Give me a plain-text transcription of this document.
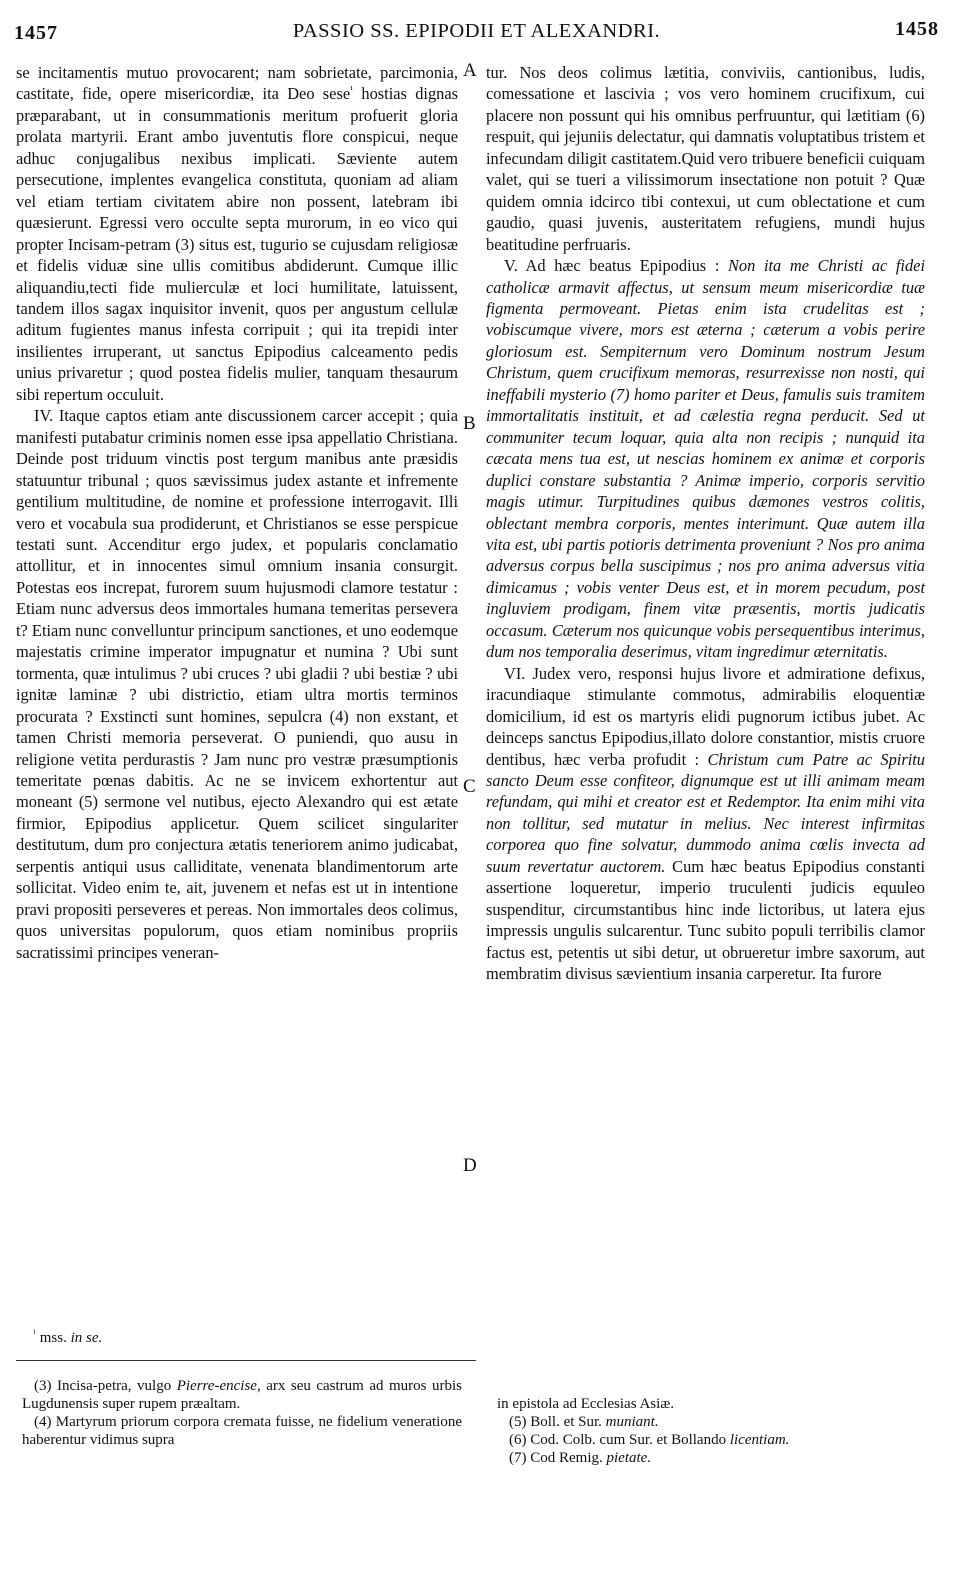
1457	PASSIO SS. EPIPODII ET ALEXANDRI.	1458

se incitamentis mutuo provocarent; nam sobrietate, parcimonia, castitate, fide, opere misericordiæ, ita Deo sese$^{^1}$ hostias dignas præparabant, ut in consummationis meritum profuerit gloria prolata martyrii. Erant ambo juventutis flore conspicui, neque adhuc conjugalibus nexibus implicati. Sæviente autem persecutione, implentes evangelica constituta, quoniam ad aliam vel etiam tertiam civitatem abire non possent, latebram ibi quæsierunt. Egressi vero occulte septa murorum, in eo vico qui propter Incisam-petram (3) situs est, tugurio se cujusdam religiosæ et fidelis viduæ sine ullis comitibus abdiderunt. Cumque illic aliquandiu,tecti fide mulierculæ et loci humilitate, latuissent, tandem illos sagax inquisitor invenit, quos per angustum cellulæ aditum fugientes manus infesta corripuit ; qui ita trepidi inter insilientes irruperant, ut sanctus Epipodius calceamento pedis unius privaretur ; quod postea fidelis mulier, tanquam thesaurum sibi repertum occuluit.

IV. Itaque captos etiam ante discussionem carcer accepit ; quia manifesti putabatur criminis nomen esse ipsa appellatio Christiana. Deinde post triduum vinctis post tergum manibus ante præsidis statuuntur tribunal ; quos sævissimus judex astante et infremente gentilium multitudine, de nomine et professione interrogavit. Illi vero et vocabula sua prodiderunt, et Christianos se esse perspicue testati sunt. Accenditur ergo judex, et popularis conclamatio attollitur, et in innocentes simul omnium insania consurgit. Potestas eos increpat, furorem suum hujusmodi clamore testatur : Etiam nunc adversus deos immortales humana temeritas persevera t? Etiam nunc convelluntur principum sanctiones, et uno eodemque majestatis crimine imperator impugnatur et numina ? Ubi sunt tormenta, quæ intulimus ? ubi cruces ? ubi gladii ? ubi bestiæ ? ubi ignitæ laminæ ? ubi districtio, etiam ultra mortis terminos procurata ? Exstincti sunt homines, sepulcra (4) non exstant, et tamen Christi memoria perseverat. O puniendi, quo ausu in religione vetita perdurastis ? Jam nunc pro vestræ præsumptionis temeritate pœnas dabitis. Ac ne se invicem exhortentur aut moneant (5) sermone vel nutibus, ejecto Alexandro qui est ætate firmior, Epipodius applicetur. Quem scilicet singulariter destitutum, dum pro conjectura ætatis teneriorem animo judicabat, serpentis antiqui usus calliditate, venenata blandimentorum arte sollicitat. Video enim te, ait, juvenem et nefas est ut in intentione pravi propositi perseveres et pereas. Non immortales deos colimus, quos universitas populorum, quos etiam nominibus propriis sacratissimi principes veneran-

A
B
C
D

tur. Nos deos colimus lætitia, conviviis, cantionibus, ludis, comessatione et lascivia ; vos vero hominem crucifixum, cui placere non possunt qui his omnibus perfruuntur, qui lætitiam (6) respuit, qui jejuniis delectatur, qui damnatis voluptatibus tristem et infecundam diligit castitatem.Quid vero tribuere beneficii cuiquam valet, qui se tueri a vilissimorum insectatione non potuit ? Quæ quidem omnia idcirco tibi contexui, ut cum oblectatione et cum gaudio, quasi juvenis, austeritatem refugiens, mundi hujus beatitudine perfruaris.

V. Ad hæc beatus Epipodius : Non ita me Christi ac fidei catholicæ armavit affectus, ut sensum meum misericordiæ tuæ figmenta permoveant. Pietas enim ista crudelitas est ; vobiscumque vivere, mors est æterna ; cæterum a vobis perire gloriosum est. Sempiternum vero Dominum nostrum Jesum Christum, quem crucifixum memoras, resurrexisse non nosti, qui ineffabili mysterio (7) homo pariter et Deus, famulis suis tramitem immortalitatis instituit, et ad cælestia regna perducit. Sed ut communiter tecum loquar, quia alta non recipis ; nunquid ita cæcata mens tua est, ut nescias hominem ex animæ et corporis duplici constare substantia ? Animæ imperio, corporis servitio magis utimur. Turpitudines quibus dæmones vestros colitis, oblectant membra corporis, mentes interimunt. Quæ autem illa vita est, ubi partis potioris detrimenta proveniunt ? Nos pro anima adversus corpus bella suscipimus ; nos pro anima adversus vitia dimicamus ; vobis venter Deus est, et in morem pecudum, post ingluviem prodigam, finem vitæ præsentis, mortis judicatis occasum. Cæterum nos quicunque vobis persequentibus interimus, dum nos temporalia deserimus, vitam ingredimur æternitatis.

VI. Judex vero, responsi hujus livore et admiratione defixus, iracundiaque stimulante commotus, admirabilis eloquentiæ domicilium, id est os martyris elidi pugnorum ictibus jubet. Ac deinceps sanctus Epipodius,illato dolore constantior, mistis cruore dentibus, hæc verba profudit : Christum cum Patre ac Spiritu sancto Deum esse confiteor, dignumque est ut illi animam meam refundam, qui mihi et creator est et Redemptor. Ita enim mihi vita non tollitur, sed mutatur in melius. Nec interest infirmitas corporea quo fine solvatur, dummodo anima cœlis invecta ad suum revertatur auctorem. Cum hæc beatus Epipodius constanti assertione loqueretur, imperio truculenti judicis equuleo suspenditur, circumstantibus hinc inde lictoribus, ut latera ejus impressis ungulis sulcarentur. Tunc subito populi terribilis clamor factus est, petentis ut sibi detur, ut obrueretur imbre saxorum, aut membratim divisus sævientium insania carperetur. Ita furore

$^{^1}$ mss. in se.

(3) Incisa-petra, vulgo Pierre-encise, arx seu castrum ad muros urbis Lugdunensis super rupem præaltam.

(4) Martyrum priorum corpora cremata fuisse, ne fidelium veneratione haberentur vidimus supra

in epistola ad Ecclesias Asiæ.

(5) Boll. et Sur. muniant.

(6) Cod. Colb. cum Sur. et Bollando licentiam.

(7) Cod Remig. pietate.
